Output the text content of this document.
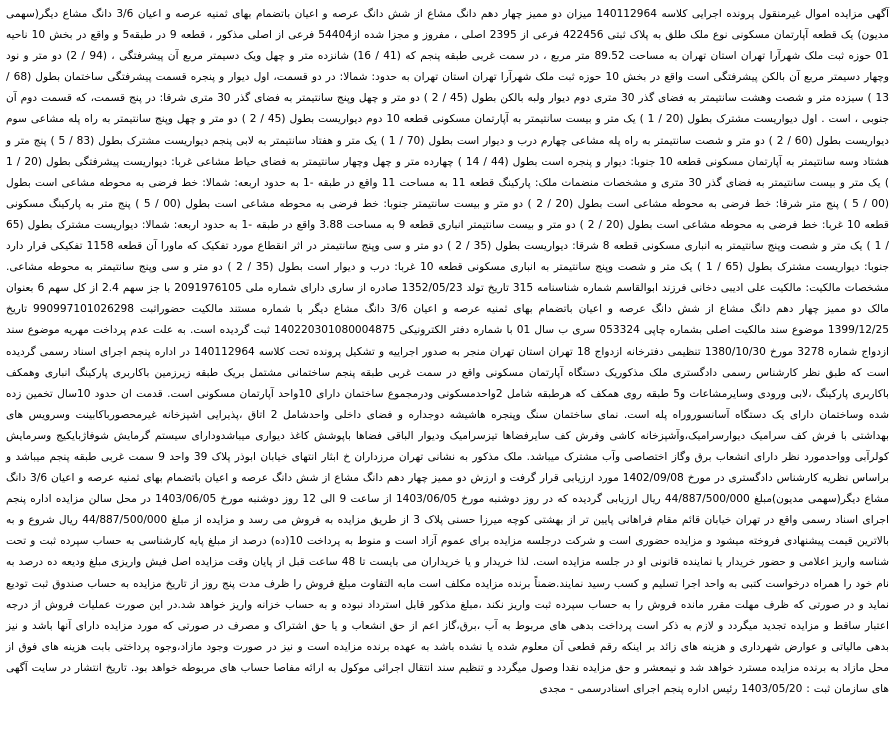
آگهی مزایده اموال غیرمنقول پرونده اجرایی کلاسه 140112964 میزان دو ممیز چهار دهم دانگ مشاع از شش دانگ عرصه و اعیان باتضمام بهای ثمنیه عرصه و اعیان 3/6 دانگ مشاع دیگر(سهمی مدیون) یک قطعه آپارتمان مسکونی نوع ملک طلق به پلاک ثبتی 422456 فرعی از 2395 اصلی ، مفروز و مجزا شده از54404 فرعی از اصلی مذکور ، قطعه 9 در طبقه5 و واقع در بخش 10 ناحیه 01 حوزه ثبت ملک شهرآرا تهران استان تهران به مساحت 89.52 متر مربع ، در سمت غربی طبقه پنجم که (41 / 16) شانزده متر و چهل ویک دسیمتر مربع آن پیشرفتگی ، (94 / 2) دو متر و نود وچهار دسیمتر مربع آن بالکن پیشرفتگی است واقع در بخش 10 حوزه ثبت ملک شهرآرا تهران استان تهران به حدود: شمالا: در دو قسمت، اول دیوار و پنجره قسمت پیشرفتگی ساختمان بطول (68 / 13 ) سیزده متر و شصت وهشت سانتیمتر به فضای گذر 30 متری دوم دیوار ولبه بالکن بطول (45 / 2 ) دو متر و چهل وپنج سانتیمتر به فضای گذر 30 متری شرقا: در پنج قسمت، که قسمت دوم آن جنوبی ، است . اول دیواریست مشترک بطول (20 / 1 ) یک متر و بیست سانتیمتر به آپارتمان مسکونی قطعه 10 دوم دیواریست بطول (45 / 2 ) دو متر و چهل وپنج سانتیمتر به راه پله مشاعی سوم دیواریست بطول (60 / 2 ) دو متر و شصت سانتیمتر به راه پله مشاعی چهارم درب و دیوار است بطول (70 / 1 ) یک متر و هفتاد سانتیمتر به لابی پنجم دیواریست مشترک بطول (83 / 5 ) پنج متر و هشتاد وسه سانتیمتر به آپارتمان مسکونی قطعه 10 جنوبا: دیوار و پنجره است بطول (44 / 14 ) چهارده متر و چهل وچهار سانتیمتر به فضای حیاط مشاعی غربا: دیواریست پیشرفتگی بطول (20 / 1 ) یک متر و بیست سانتیمتر به فضای گذر 30 متری و مشخصات منضمات ملک: پارکینگ قطعه 11 به مساحت 11 واقع در طبقه -1 به حدود اربعه: شمالا: خط فرضی به محوطه مشاعی است بطول (00 / 5 ) پنج متر شرقا: خط فرضی به محوطه مشاعی است بطول (20 / 2 ) دو متر و بیست سانتیمتر جنوبا: خط فرضی به محوطه مشاعی است بطول (00 / 5 ) پنج متر به پارکینگ مسکونی قطعه 10 غربا: خط فرضی به محوطه مشاعی است بطول (20 / 2 ) دو متر و بیست سانتیمتر انباری قطعه 9 به مساحت 3.88 واقع در طبقه -1 به حدود اربعه: شمالا: دیواریست مشترک بطول (65 / 1 ) یک متر و شصت وپنج سانتیمتر به انباری مسکونی قطعه 8 شرقا: دیواریست بطول (35 / 2 ) دو متر و سی وپنج سانتیمتر در اثر انقطاع مورد تفکیک که ماورا آن قطعه 1158 تفکیکی قرار دارد جنوبا: دیواریست مشترک بطول (65 / 1 ) یک متر و شصت وپنج سانتیمتر به انباری مسکونی قطعه 10 غربا: درب و دیوار است بطول (35 / 2 ) دو متر و سی وپنج سانتیمتر به محوطه مشاعی. مشخصات مالکیت: مالکیت علی ادیبی دخانی فرزند ابوالقاسم شماره شناسنامه 315 تاریخ تولد 1352/05/23 صادره از ساری دارای شماره ملی 2091976105 با جز سهم 2.4 از کل سهم 6 بعنوان مالک دو ممیز چهار دهم دانگ مشاع از شش دانگ عرصه و اعیان باتضمام بهای ثمنیه عرصه و اعیان 3/6 دانگ مشاع دیگر با شماره مستند مالکیت حضوراثبت 990997101026298 تاریخ 1399/12/25 موضوع سند مالکیت اصلی بشماره چاپی 053324 سری ب سال 01 با شماره دفتر الکترونیکی 140220301080004875 ثبت گردیده است. به علت عدم پرداخت مهریه موضوع سند ازدواج شماره 3278 مورخ 1380/10/30 تنظیمی دفترخانه ازدواج 18 تهران استان تهران منجر به صدور اجراییه و تشکیل پرونده تحت کلاسه 140112964 در اداره پنجم اجرای اسناد رسمی گردیده است که طبق نظر کارشناس رسمی دادگستری ملک مذکوریک دستگاه آپارتمان مسکونی واقع در سمت غربی طبقه پنجم ساختمانی مشتمل بریک طبقه زیرزمین باکاربری پارکینگ انباری وهمکف باکاربری پارکینگ ،لابی ورودی وسایرمشاعات و5 طبقه روی همکف که هرطبقه شامل 2واحدمسکونی ودرمجموع ساختمان دارای 10واحد آپارتمان مسکونی است. قدمت ان حدود 10سال تخمین زده شده وساختمان دارای یک دستگاه آسانسوروراه پله است. نمای ساختمان سنگ وپنجره هاشیشه دوجداره و فضای داخلی واحدشامل 2 اتاق ،پذیرایی اشپزخانه غیرمحصورباکابینت وسرویس های بهداشتی با فرش کف سرامیک دیوارسرامیک،وآشپزخانه کاشی وفرش کف سایرفضاها تیزسرامیک وديوار الباقی فضاها باپوشش کاغذ دیواری میباشدودارای سیستم گرمایش شوفاژبایکیج وسرمایش کولرآبی وواحدمورد نظر دارای انشعاب برق وگاز اختصاصی وآب مشترک میباشد. ملک مذکور به نشانی تهران مرزداران خ ابثار انتهای خیابان ابوذر پلاک 39 واحد 9 سمت غربی طبقه پنجم میباشد و براساس نظریه کارشناس دادگستری در مورخ 1402/09/08 مورد ارزیابی قرار گرفت و ارزش دو ممیز چهار دهم دانگ مشاع از شش دانگ عرصه و اعیان باتضمام بهای ثمنیه عرصه و اعیان 3/6 دانگ مشاع دیگر(سهمی مدیون)مبلغ 44/887/500/000 ریال ارزیابی گردیده که در روز دوشنبه مورخ 1403/06/05 از ساعت 9 الی 12 روز دوشنبه مورخ 1403/06/05 در محل سالن مزایده اداره پنجم اجرای اسناد رسمی واقع در تهران خیابان قائم مقام فراهانی پایین تر از بهشتی کوچه میرزا حسنی پلاک 3 از طریق مزایده به فروش می رسد و مزایده از مبلغ 44/887/500/000 ریال شروع و به بالاترین قیمت پیشنهادی فروخته میشود و مزایده حضوری است و شرکت درجلسه مزایده برای عموم آزاد است و منوط به پرداخت 10(ده) درصد از مبلغ پایه کارشناسی به حساب سپرده ثبت و تحت شناسه واریز اعلامی و حضور خریدار یا نماینده قانونی او در جلسه مزایده است. لذا خریدار و یا خریداران می بایست تا 48 ساعت قبل از پایان وقت مزایده اصل فیش واریزی مبلغ ودیعه ده درصد به نام خود را همراه درخواست کتبی به واحد اجرا تسلیم و کسب رسید نمایند.ضمناً برنده مزایده مکلف است مابه التفاوت مبلغ فروش را ظرف مدت پنج روز از تاریخ مزایده به حساب صندوق ثبت تودیع نماید و در صورتی که ظرف مهلت مقرر مانده فروش را به حساب سپرده ثبت واریز نکند ،مبلغ مذکور قابل استرداد نبوده و به حساب خزانه واریز خواهد شد.در این صورت عملیات فروش از درجه اعتبار ساقط و مزایده تجدید میگردد و لازم به ذکر است پرداخت بدهی های مربوط به آب ،برق،گاز اعم از حق انشعاب و یا حق اشتراک و مصرف در صورتی که مورد مزایده دارای آنها باشد و نیز بدهی مالیاتی و عوارض شهرداری و هزینه های زائد بر اینکه رقم قطعی آن معلوم شده یا نشده باشد به عهده برنده مزایده است و نیز در صورت وجود مازاد،وجوه پرداختی بابت هزینه های فوق از محل مازاد به برنده مزایده مسترد خواهد شد و نیمعشر و حق مزایده نقدا وصول میگردد و تنظیم سند انتقال اجرائی موکول به ارائه مفاصا حساب های مربوطه خواهد بود. تاریخ انتشار در سایت آگهی های سازمان ثبت : 1403/05/20 رئیس اداره پنجم اجرای اسنادرسمی - مجدی
